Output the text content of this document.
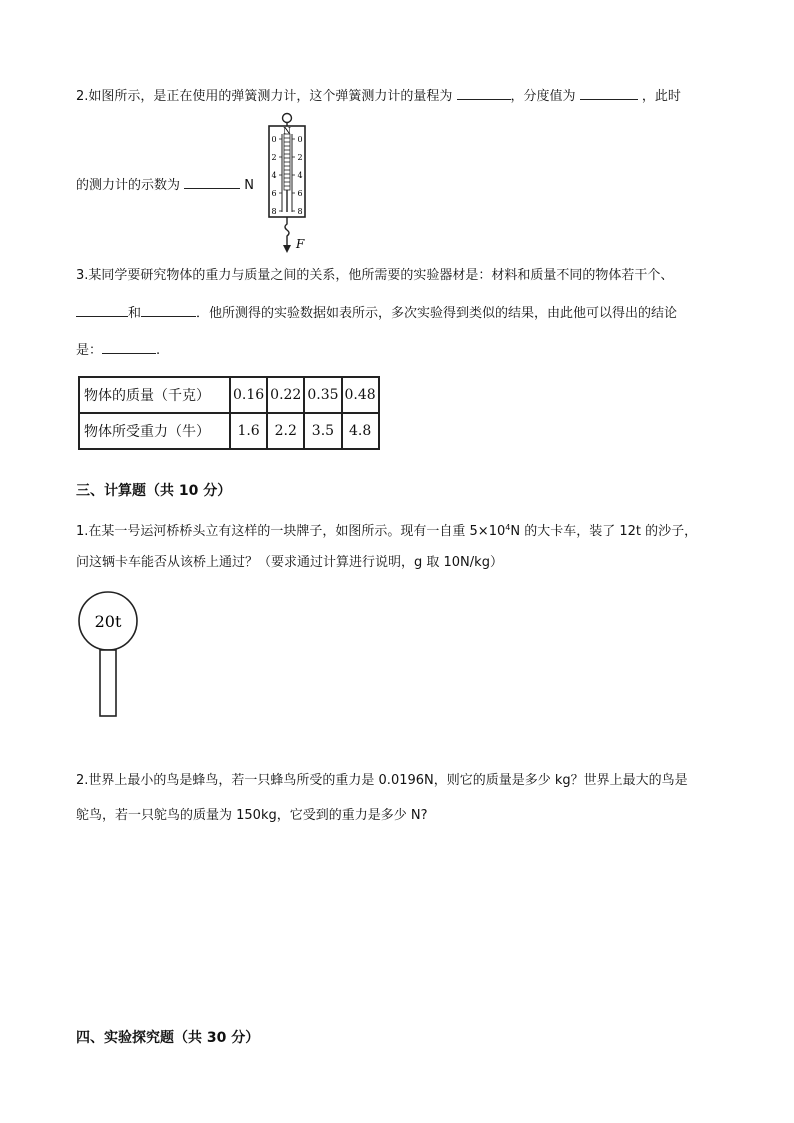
2.如图所示，是正在使用的弹簧测力计，这个弹簧测力计的量程为	，分度值为	，此时
的测力计的示数为	N
N
0
2
4
6
8
0
2
4
6
8
F
3.某同学要研究物体的重力与质量之间的关系，他所需要的实验器材是：材料和质量不同的物体若干个、
和	．他所测得的实验数据如表所示，多次实验得到类似的结果，由此他可以得出的结论
是：	.
物体的质量（千克）	0.16	0.22	0.35	0.48
物体所受重力（牛）	1.6	2.2	3.5	4.8
三、计算题（共 10 分）
1.在某一号运河桥桥头立有这样的一块牌子，如图所示。现有一自重 $5\times 10^4N$ 的大卡车，装了 12t 的沙子，
问这辆卡车能否从该桥上通过？（要求通过计算进行说明，g 取 10N/kg）
20t
2.世界上最小的鸟是蜂鸟，若一只蜂鸟所受的重力是 0.0196N，则它的质量是多少 kg？世界上最大的鸟是
鸵鸟，若一只鸵鸟的质量为 150kg，它受到的重力是多少 N?
四、实验探究题（共 30 分）
